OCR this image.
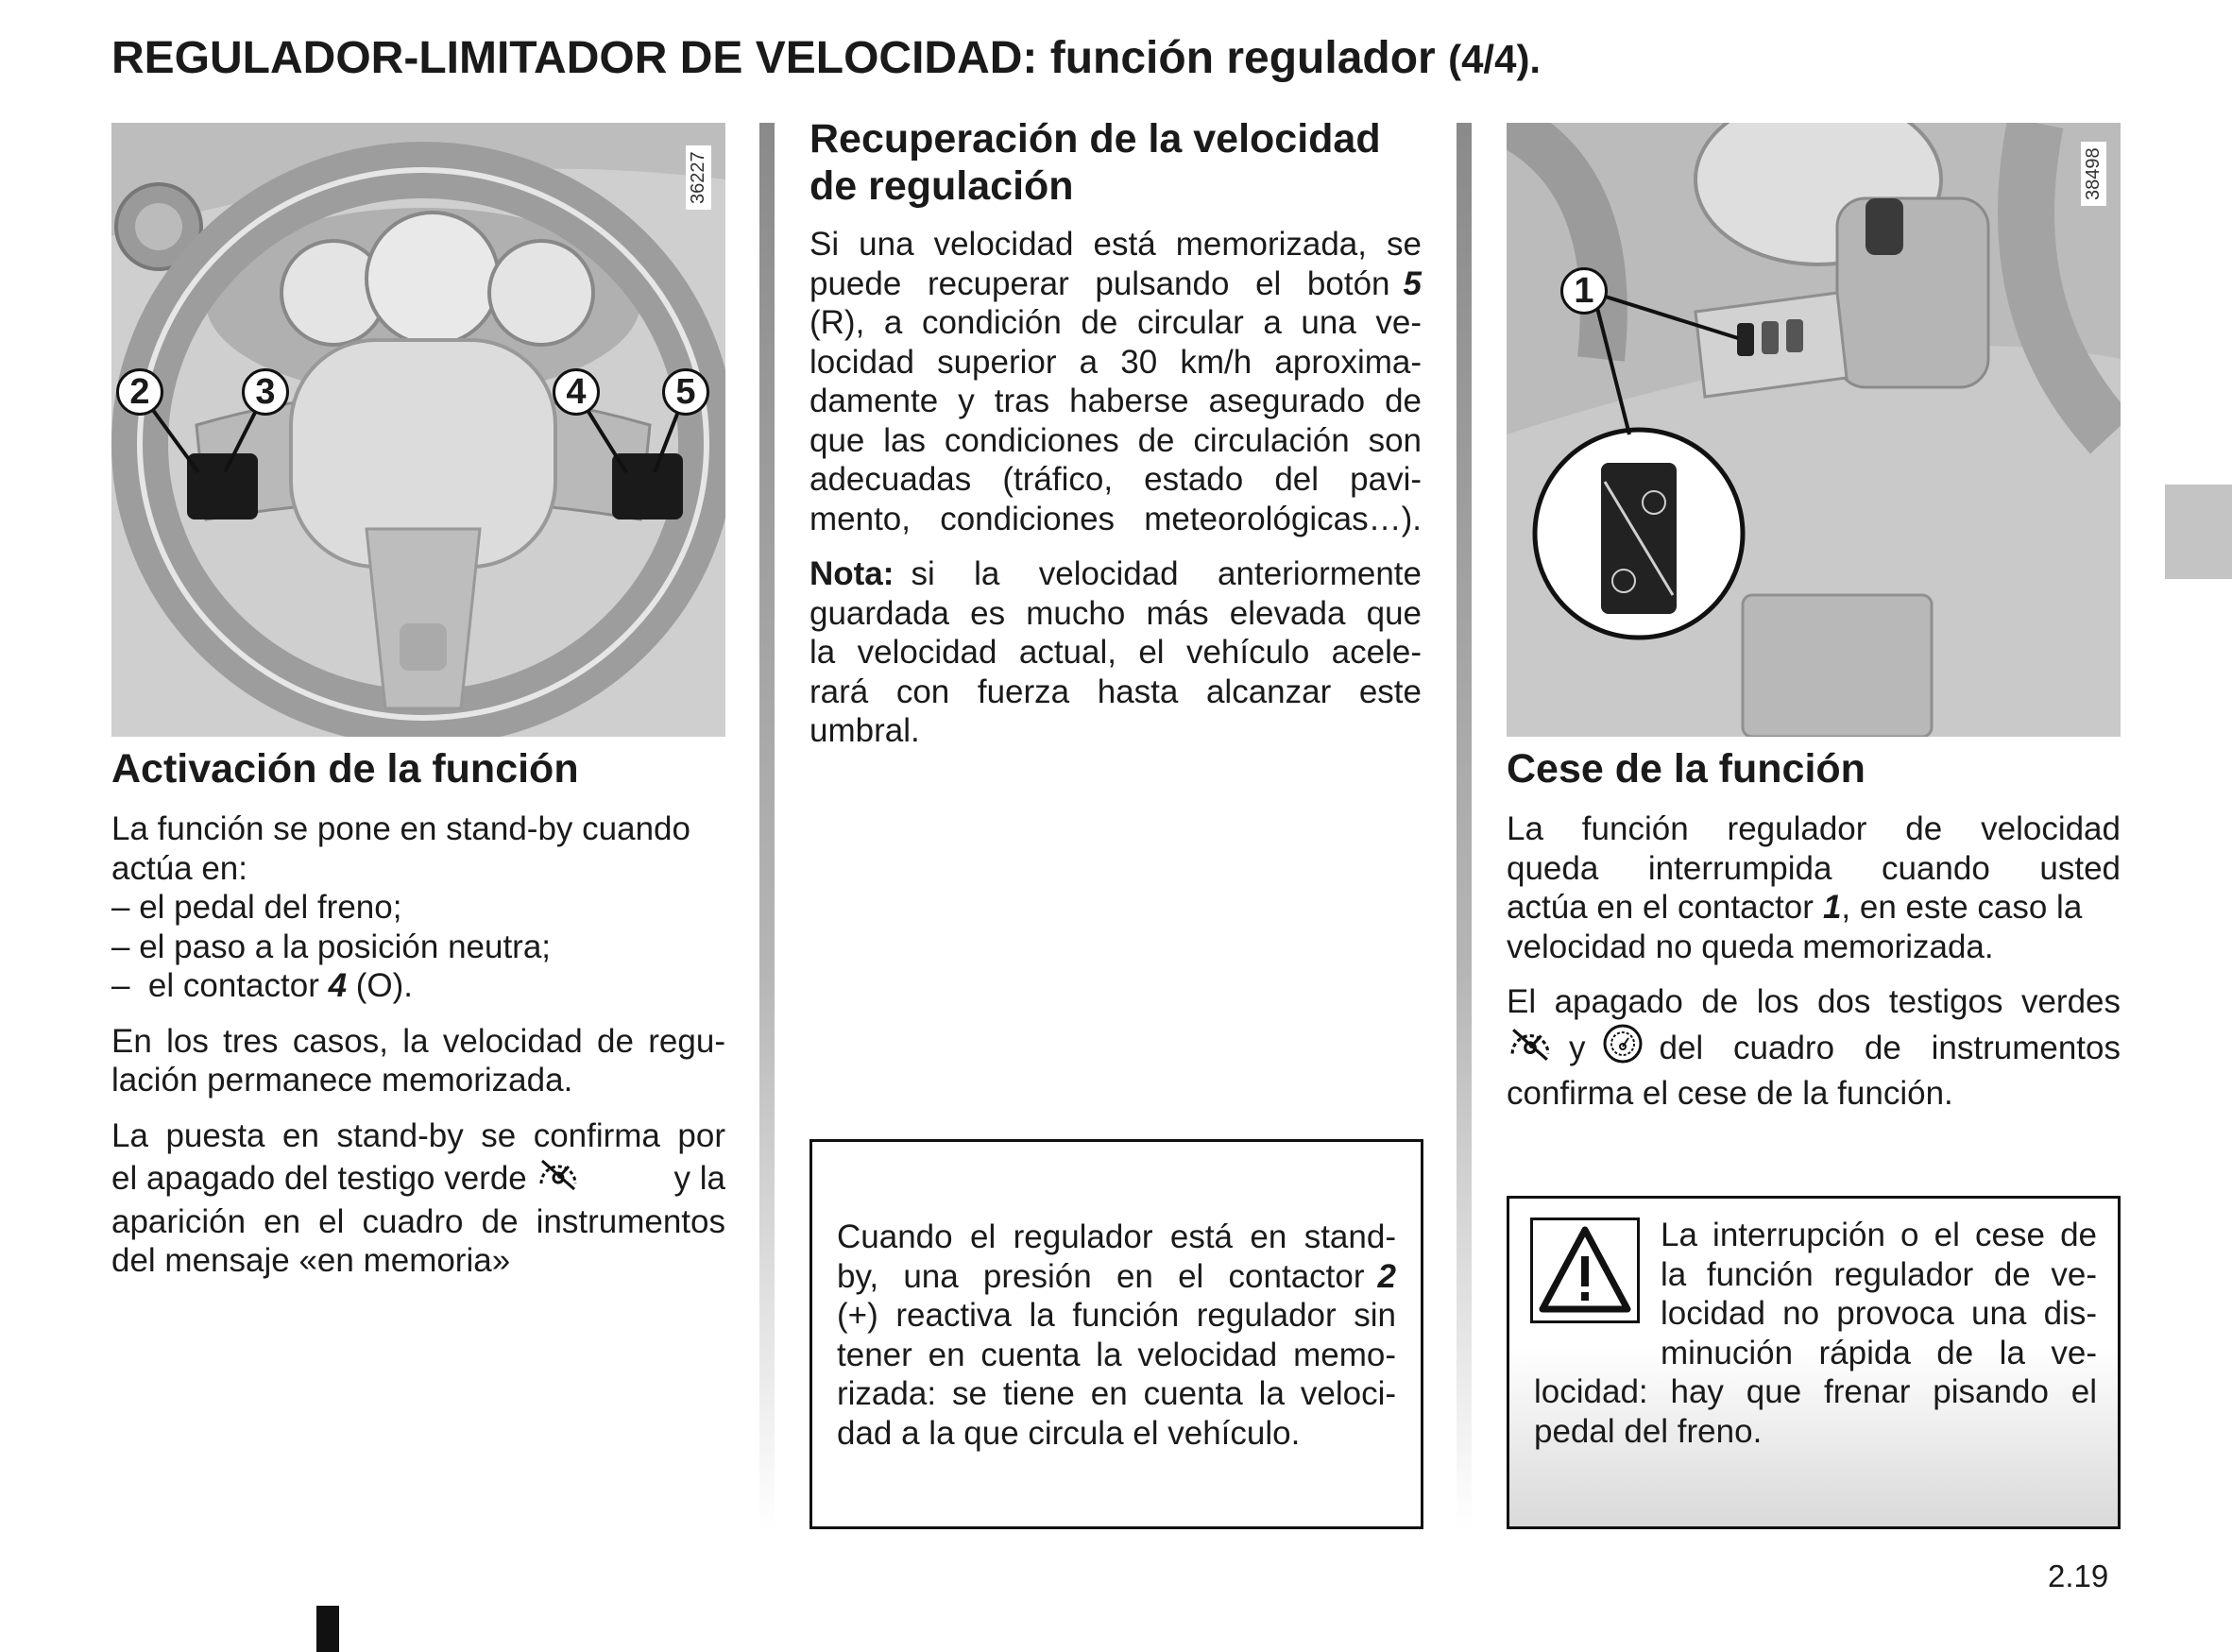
REGULADOR-LIMITADOR DE VELOCIDAD: función regulador (4/4).
2	3	4	5
36227
1
38498
Activación de la función

La función se pone en stand-by cuando
actúa en:
– el pedal del freno;
– el paso a la posición neutra;
–  el contactor 4 (O).

En los tres casos, la velocidad de regu-
lación permanece memorizada.

La puesta en stand-by se confirma por
el apagado del testigo verde	y la
aparición en el cuadro de instrumentos
del mensaje «en memoria»

Recuperación de la velocidad
de regulación

Si una velocidad está memorizada, se
puede recuperar pulsando el botón 5
(R), a condición de circular a una ve-
locidad superior a 30 km/h aproxima-
damente y tras haberse asegurado de
que las condiciones de circulación son
adecuadas (tráfico, estado del pavi-
mento, condiciones meteorológicas…).

Nota: si la velocidad anteriormente
guardada es mucho más elevada que
la velocidad actual, el vehículo acele-
rará con fuerza hasta alcanzar este
umbral.

Cuando el regulador está en stand-
by, una presión en el contactor 2
(+) reactiva la función regulador sin
tener en cuenta la velocidad memo-
rizada: se tiene en cuenta la veloci-
dad a la que circula el vehículo.
Cese de la función

La función regulador de velocidad
queda interrumpida cuando usted
actúa en el contactor 1 , en este caso la
velocidad no queda memorizada.

El apagado de los dos testigos verdes
y del cuadro de instrumentos
confirma el cese de la función.

La interrupción o el cese de
la función regulador de ve-
locidad no provoca una dis-
minución rápida de la ve-
locidad: hay que frenar pisando el
pedal del freno.
2.19
